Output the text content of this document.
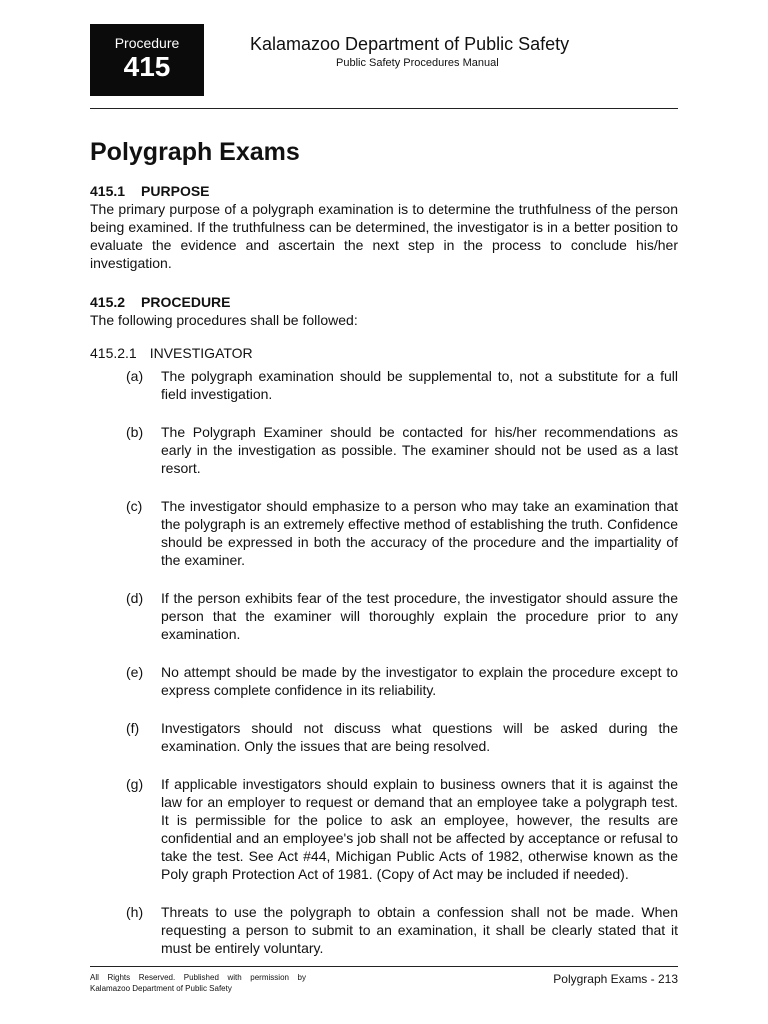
Procedure
415
Kalamazoo Department of Public Safety
Public Safety Procedures Manual
Polygraph Exams

415.1 PURPOSE

The primary purpose of a polygraph examination is to determine the truthfulness of the person being examined. If the truthfulness can be determined, the investigator is in a better position to evaluate the evidence and ascertain the next step in the process to conclude his/her investigation.

415.2 PROCEDURE

The following procedures shall be followed:

415.2.1 INVESTIGATOR

(a) The polygraph examination should be supplemental to, not a substitute for a full field investigation.
(b) The Polygraph Examiner should be contacted for his/her recommendations as early in the investigation as possible. The examiner should not be used as a last resort.
(c) The investigator should emphasize to a person who may take an examination that the polygraph is an extremely effective method of establishing the truth. Confidence should be expressed in both the accuracy of the procedure and the impartiality of the examiner.
(d) If the person exhibits fear of the test procedure, the investigator should assure the person that the examiner will thoroughly explain the procedure prior to any examination.
(e) No attempt should be made by the investigator to explain the procedure except to express complete confidence in its reliability.
(f) Investigators should not discuss what questions will be asked during the examination. Only the issues that are being resolved.
(g) If applicable investigators should explain to business owners that it is against the law for an employer to request or demand that an employee take a polygraph test. It is permissible for the police to ask an employee, however, the results are confidential and an employee's job shall not be affected by acceptance or refusal to take the test. See Act #44, Michigan Public Acts of 1982, otherwise known as the Poly graph Protection Act of 1981. (Copy of Act may be included if needed).
(h) Threats to use the polygraph to obtain a confession shall not be made. When requesting a person to submit to an examination, it shall be clearly stated that it must be entirely voluntary.
All Rights Reserved. Published with permission by
Kalamazoo Department of Public Safety
Polygraph Exams - 213
